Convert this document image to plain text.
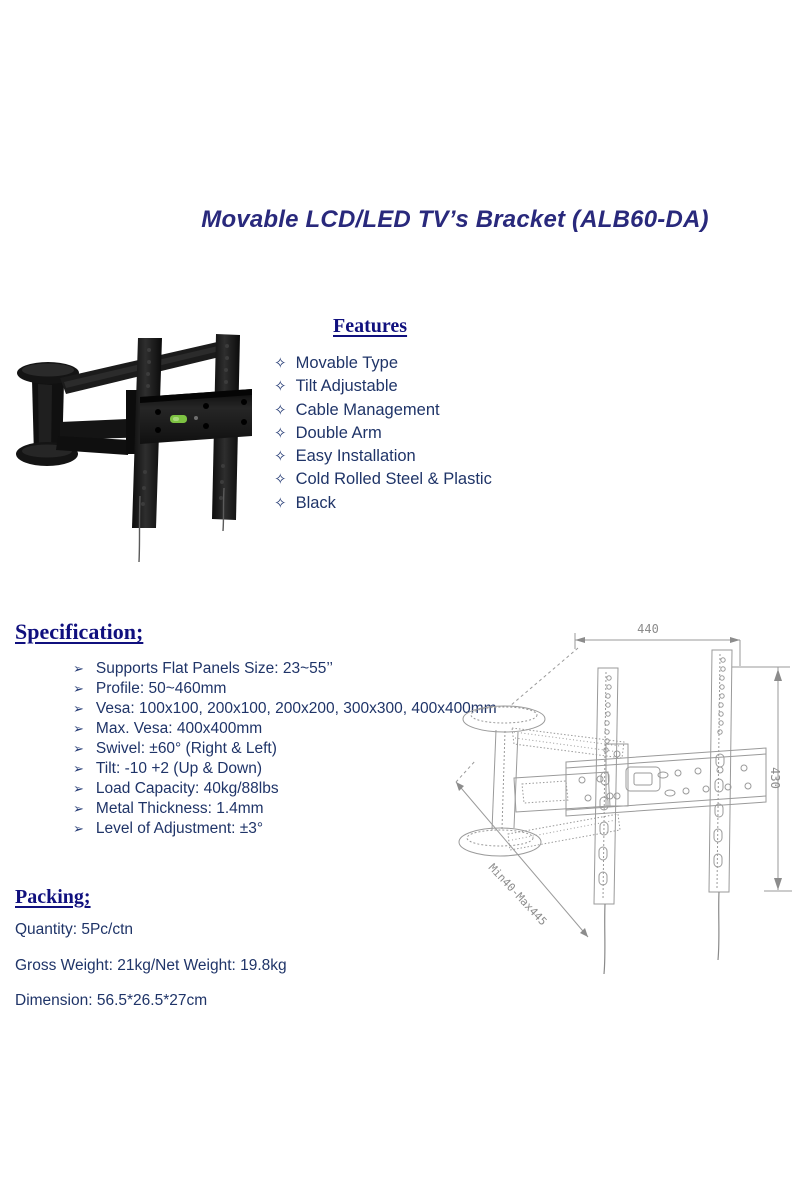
Movable LCD/LED TV’s Bracket (ALB60-DA)
Features
✧ Movable Type
✧ Tilt Adjustable
✧ Cable Management
✧ Double Arm
✧ Easy Installation
✧ Cold Rolled Steel & Plastic
✧ Black
Specification;
➢ Supports Flat Panels Size: 23~55’’
➢ Profile: 50~460mm
➢ Vesa: 100x100, 200x100, 200x200, 300x300, 400x400mm
➢ Max. Vesa: 400x400mm
➢ Swivel: ±60° (Right & Left)
➢ Tilt: -10 +2 (Up & Down)
➢ Load Capacity: 40kg/88lbs
➢ Metal Thickness: 1.4mm
➢ Level of Adjustment: ±3°
440
430
Min40-Max445
Packing;
Quantity: 5Pc/ctn
Gross Weight: 21kg/Net Weight: 19.8kg
Dimension: 56.5*26.5*27cm
